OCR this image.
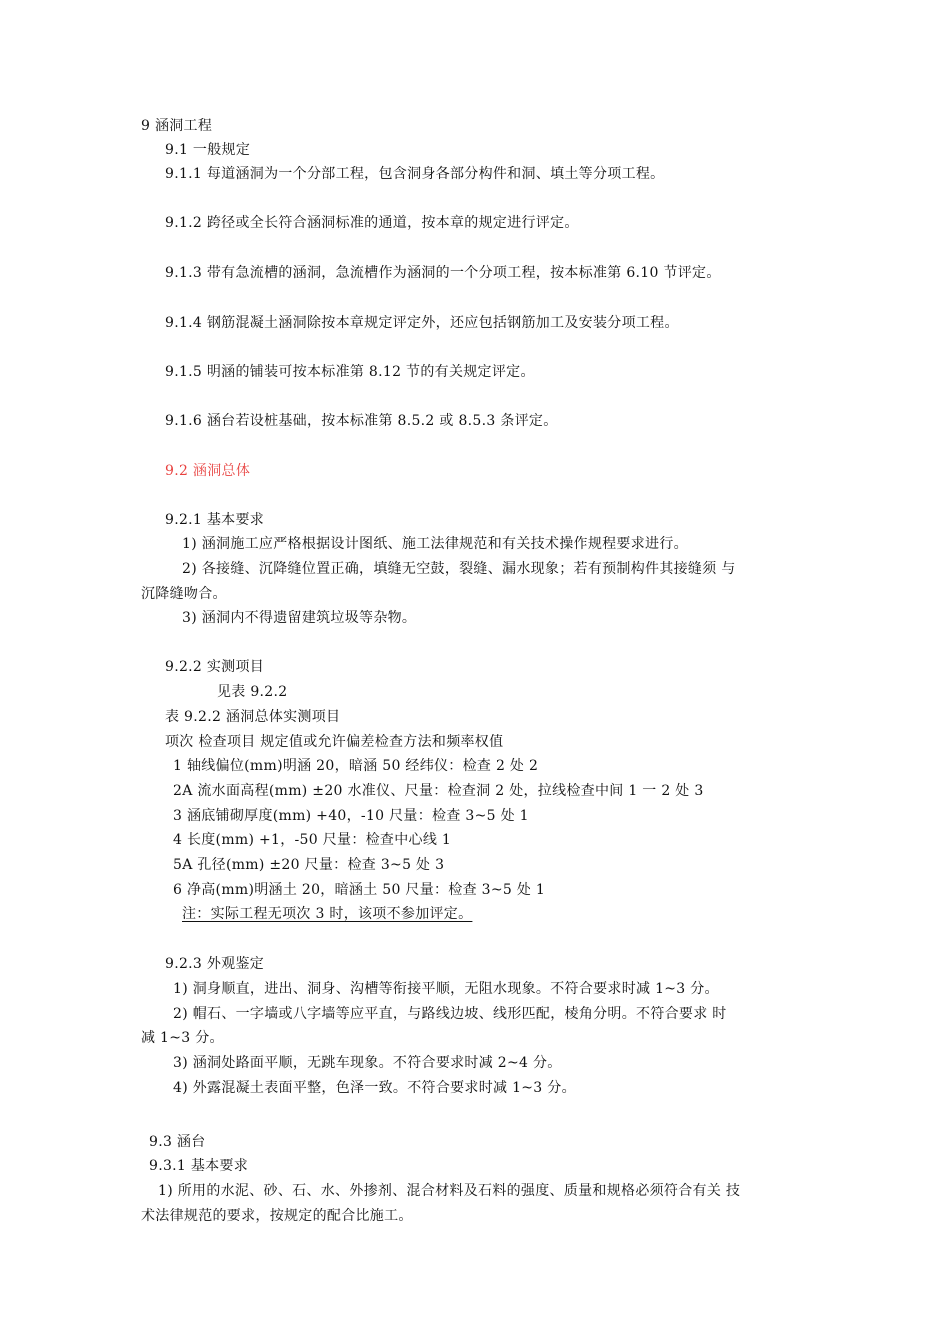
9 涵洞工程
9.1 一般规定
9.1.1 每道涵洞为一个分部工程，包含洞身各部分构件和洞、填土等分项工程。
9.1.2 跨径或全长符合涵洞标准的通道，按本章的规定进行评定。
9.1.3 带有急流槽的涵洞，急流槽作为涵洞的一个分项工程，按本标准第 6.10 节评定。
9.1.4 钢筋混凝土涵洞除按本章规定评定外，还应包括钢筋加工及安装分项工程。
9.1.5 明涵的铺装可按本标准第 8.12 节的有关规定评定。
9.1.6 涵台若设桩基础，按本标准第 8.5.2 或 8.5.3 条评定。
9.2 涵洞总体
9.2.1 基本要求
1) 涵洞施工应严格根据设计图纸、施工法律规范和有关技术操作规程要求进行。
2) 各接缝、沉降缝位置正确，填缝无空鼓，裂缝、漏水现象；若有预制构件其接缝须 与
沉降缝吻合。
3) 涵洞内不得遗留建筑垃圾等杂物。
9.2.2 实测项目
见表 9.2.2
表 9.2.2 涵洞总体实测项目
项次 检查项目 规定值或允许偏差检查方法和频率权值
1 轴线偏位(mm)明涵 20，暗涵 50 经纬仪：检查 2 处 2
2A 流水面高程(mm) ±20 水准仪、尺量：检查洞 2 处，拉线检查中间 1 一 2 处 3
3 涵底铺砌厚度(mm) +40，-10 尺量：检查 3~5 处 1
4 长度(mm) +1，-50 尺量：检查中心线 1
5A 孔径(mm) ±20 尺量：检查 3~5 处 3
6 净高(mm)明涵土 20，暗涵土 50 尺量：检查 3~5 处 1
注：实际工程无项次 3 时，该项不参加评定。
9.2.3 外观鉴定
1) 洞身顺直，进出、洞身、沟槽等衔接平顺，无阻水现象。不符合要求时减 1~3 分。
2) 帽石、一字墙或八字墙等应平直，与路线边坡、线形匹配，棱角分明。不符合要求 时
减 1~3 分。
3) 涵洞处路面平顺，无跳车现象。不符合要求时减 2~4 分。
4) 外露混凝土表面平整，色泽一致。不符合要求时减 1~3 分。
9.3 涵台
9.3.1 基本要求
1) 所用的水泥、砂、石、水、外掺剂、混合材料及石料的强度、质量和规格必须符合有关 技
术法律规范的要求，按规定的配合比施工。
